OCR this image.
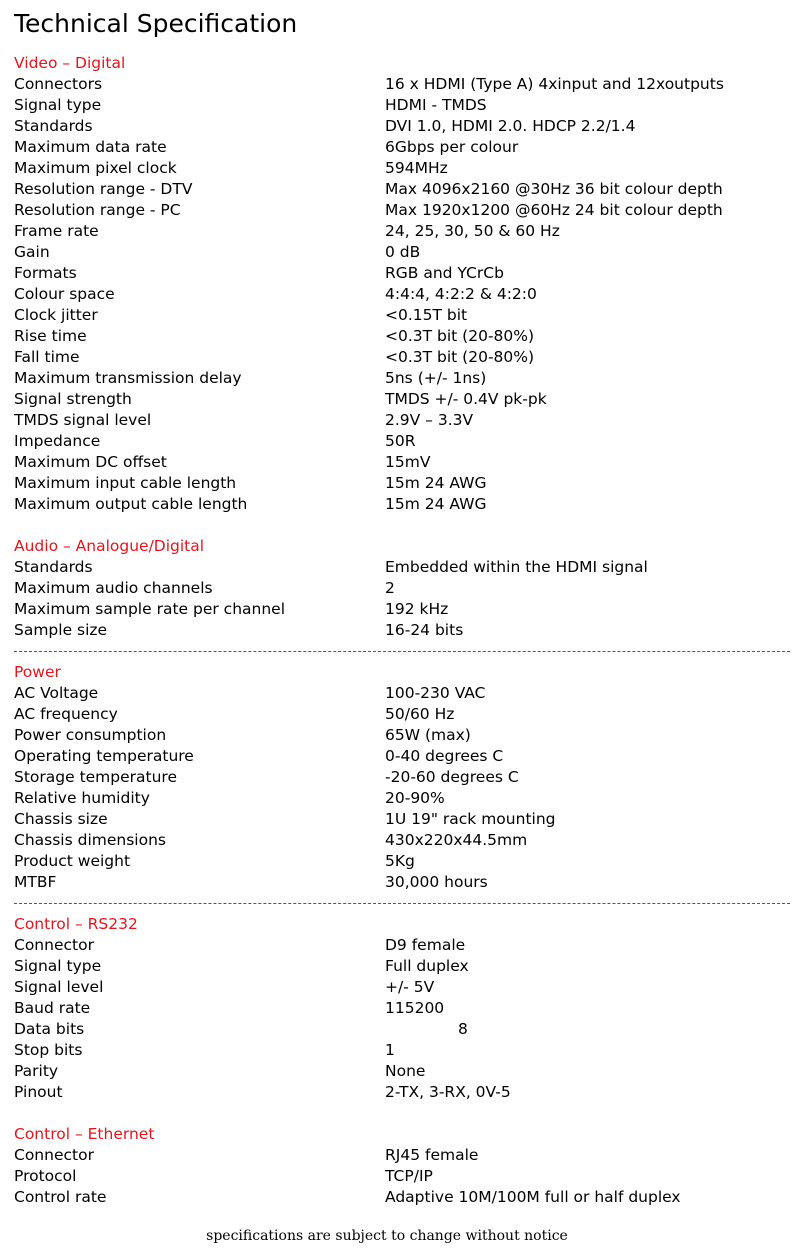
Technical Specification
Video – Digital
Connectors	16 x HDMI (Type A) 4xinput and 12xoutputs
Signal type	HDMI - TMDS
Standards	DVI 1.0, HDMI 2.0. HDCP 2.2/1.4
Maximum data rate	6Gbps per colour
Maximum pixel clock	594MHz
Resolution range - DTV	Max 4096x2160 @30Hz 36 bit colour depth
Resolution range - PC	Max 1920x1200 @60Hz 24 bit colour depth
Frame rate	24, 25, 30, 50 & 60 Hz
Gain	0 dB
Formats	RGB and YCrCb
Colour space	4:4:4, 4:2:2 & 4:2:0
Clock jitter	<0.15T bit
Rise time	<0.3T bit (20-80%)
Fall time	<0.3T bit (20-80%)
Maximum transmission delay	5ns (+/- 1ns)
Signal strength	TMDS +/- 0.4V pk-pk
TMDS signal level	2.9V – 3.3V
Impedance	50R
Maximum DC offset	15mV
Maximum input cable length	15m 24 AWG
Maximum output cable length	15m 24 AWG
Audio – Analogue/Digital
Standards	Embedded within the HDMI signal
Maximum audio channels	2
Maximum sample rate per channel	192 kHz
Sample size	16-24 bits
Power
AC Voltage	100-230 VAC
AC frequency	50/60 Hz
Power consumption	65W (max)
Operating temperature	0-40 degrees C
Storage temperature	-20-60 degrees C
Relative humidity	20-90%
Chassis size	1U 19" rack mounting
Chassis dimensions	430x220x44.5mm
Product weight	5Kg
MTBF	30,000 hours
Control – RS232
Connector	D9 female
Signal type	Full duplex
Signal level	+/- 5V
Baud rate	115200
Data bits	8
Stop bits	1
Parity	None
Pinout	2-TX, 3-RX, 0V-5
Control – Ethernet
Connector	RJ45 female
Protocol	TCP/IP
Control rate	Adaptive 10M/100M full or half duplex
specifications are subject to change without notice
